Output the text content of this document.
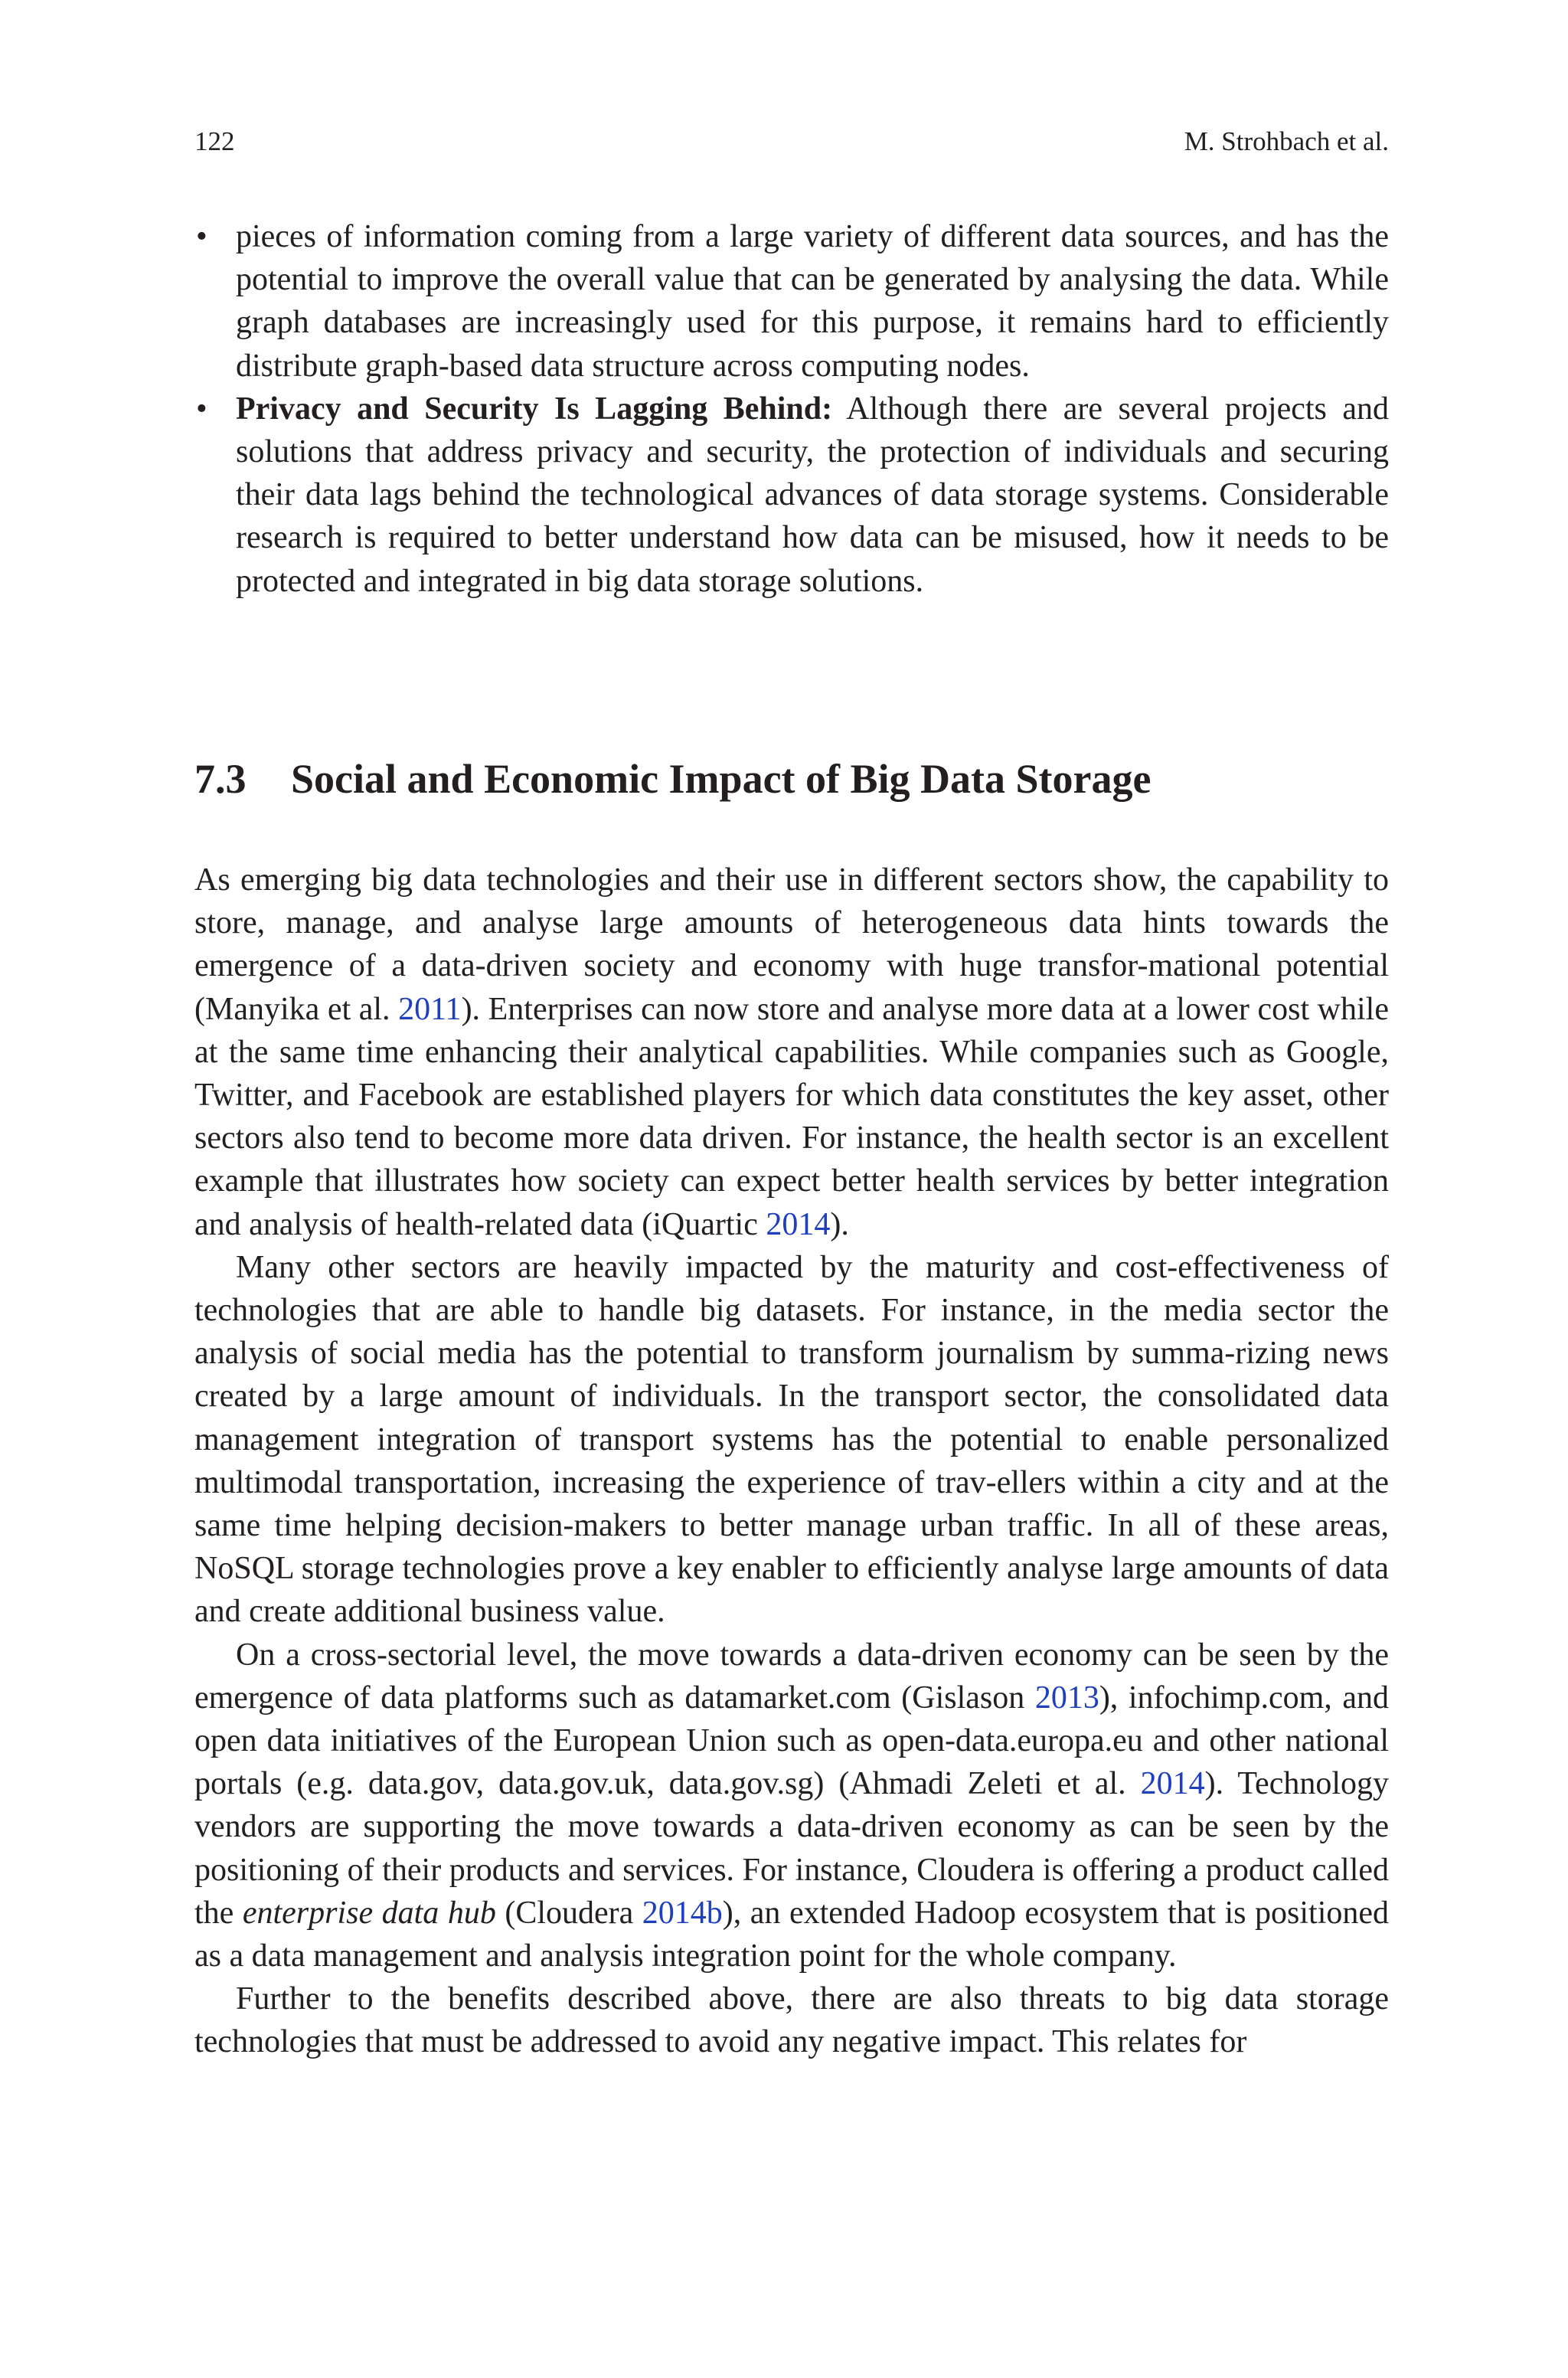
122	M. Strohbach et al.
• pieces of information coming from a large variety of different data sources, and has the potential to improve the overall value that can be generated by analysing the data. While graph databases are increasingly used for this purpose, it remains hard to efficiently distribute graph-based data structure across computing nodes.
• Privacy and Security Is Lagging Behind: Although there are several projects and solutions that address privacy and security, the protection of individuals and securing their data lags behind the technological advances of data storage systems. Considerable research is required to better understand how data can be misused, how it needs to be protected and integrated in big data storage solutions.
7.3 Social and Economic Impact of Big Data Storage

As emerging big data technologies and their use in different sectors show, the capability to store, manage, and analyse large amounts of heterogeneous data hints towards the emergence of a data-driven society and economy with huge transfor-mational potential (Manyika et al. 2011). Enterprises can now store and analyse more data at a lower cost while at the same time enhancing their analytical capabilities. While companies such as Google, Twitter, and Facebook are established players for which data constitutes the key asset, other sectors also tend to become more data driven. For instance, the health sector is an excellent example that illustrates how society can expect better health services by better integration and analysis of health-related data (iQuartic 2014).

Many other sectors are heavily impacted by the maturity and cost-effectiveness of technologies that are able to handle big datasets. For instance, in the media sector the analysis of social media has the potential to transform journalism by summa-rizing news created by a large amount of individuals. In the transport sector, the consolidated data management integration of transport systems has the potential to enable personalized multimodal transportation, increasing the experience of trav-ellers within a city and at the same time helping decision-makers to better manage urban traffic. In all of these areas, NoSQL storage technologies prove a key enabler to efficiently analyse large amounts of data and create additional business value.

On a cross-sectorial level, the move towards a data-driven economy can be seen by the emergence of data platforms such as datamarket.com (Gislason 2013), infochimp.com, and open data initiatives of the European Union such as open-data.europa.eu and other national portals (e.g. data.gov, data.gov.uk, data.gov.sg) (Ahmadi Zeleti et al. 2014). Technology vendors are supporting the move towards a data-driven economy as can be seen by the positioning of their products and services. For instance, Cloudera is offering a product called the enterprise data hub (Cloudera 2014b), an extended Hadoop ecosystem that is positioned as a data management and analysis integration point for the whole company.

Further to the benefits described above, there are also threats to big data storage technologies that must be addressed to avoid any negative impact. This relates for
